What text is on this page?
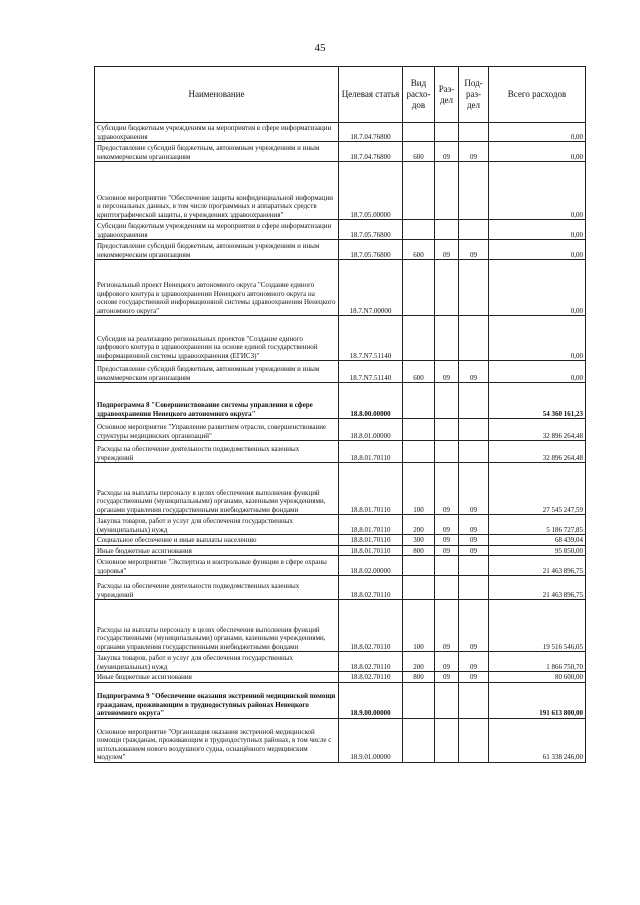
45
Наименование	Целевая статья	Вид расхо-дов	Раз-дел	Под-раз-дел	Всего расходов
Субсидии бюджетным учреждениям на мероприятия в сфере информатизации здравоохранения	18.7.04.76800				0,00
Предоставление субсидий бюджетным, автономным учреждениям и иным некоммерческим организациям	18.7.04.76800	600	09	09	0,00
Основное мероприятие "Обеспечение защиты конфиденциальной информации и персональных данных, в том числе программных и аппаратных средств криптографической защиты, в учреждениях здравоохранения"	18.7.05.00000				0,00
Субсидии бюджетным учреждениям на мероприятия в сфере информатизации здравоохранения	18.7.05.76800				0,00
Предоставление субсидий бюджетным, автономным учреждениям и иным некоммерческим организациям	18.7.05.76800	600	09	09	0,00
Региональный проект Ненецкого автономного округа "Создание единого цифрового контура в здравоохранении Ненецкого автономного округа на основе государственной информационной системы здравоохранения Ненецкого автономного округа"	18.7.N7.00000				0,00
Субсидия на реализацию региональных проектов "Создание единого цифрового контура в здравоохранении на основе единой государственной информационной системы здравоохранения (ЕГИСЗ)"	18.7.N7.51140				0,00
Предоставление субсидий бюджетным, автономным учреждениям и иным некоммерческим организациям	18.7.N7.51140	600	09	09	0,00
Подпрограмма 8 "Совершенствование системы управления в сфере здравоохранения Ненецкого автономного округа"	18.8.00.00000				54 360 161,23
Основное мероприятие "Управление развитием отрасли, совершенствование структуры медицинских организаций"	18.8.01.00000				32 896 264,48
Расходы на обеспечение деятельности подведомственных казенных учреждений	18.8.01.70110				32 896 264,48
Расходы на выплаты персоналу в целях обеспечения выполнения функций государственными (муниципальными) органами, казенными учреждениями, органами управления государственными внебюджетными фондами	18.8.01.70110	100	09	09	27 545 247,59
Закупка товаров, работ и услуг для обеспечения государственных (муниципальных) нужд	18.8.01.70110	200	09	09	5 186 727,85
Социальное обеспечение и иные выплаты населению	18.8.01.70110	300	09	09	68 439,04
Иные бюджетные ассигнования	18.8.01.70110	800	09	09	95 850,00
Основное мероприятие "Экспертиза и контрольные функции в сфере охраны здоровья"	18.8.02.00000				21 463 896,75
Расходы на обеспечение деятельности подведомственных казенных учреждений	18.8.02.70110				21 463 896,75
Расходы на выплаты персоналу в целях обеспечения выполнения функций государственными (муниципальными) органами, казенными учреждениями, органами управления государственными внебюджетными фондами	18.8.02.70110	100	09	09	19 516 546,05
Закупка товаров, работ и услуг для обеспечения государственных (муниципальных) нужд	18.8.02.70110	200	09	09	1 866 750,70
Иные бюджетные ассигнования	18.8.02.70110	800	09	09	80 600,00
Подпрограмма 9 "Обеспечение оказания экстренной медицинской помощи гражданам, проживающим в труднодоступных районах Ненецкого автономного округа"	18.9.00.00000				191 613 800,00
Основное мероприятие "Организация оказания экстренной медицинской помощи гражданам, проживающим в труднодоступных районах, в том числе с использованием нового воздушного судна, оснащённого медицинским модулем"	18.9.01.00000				61 338 246,00
